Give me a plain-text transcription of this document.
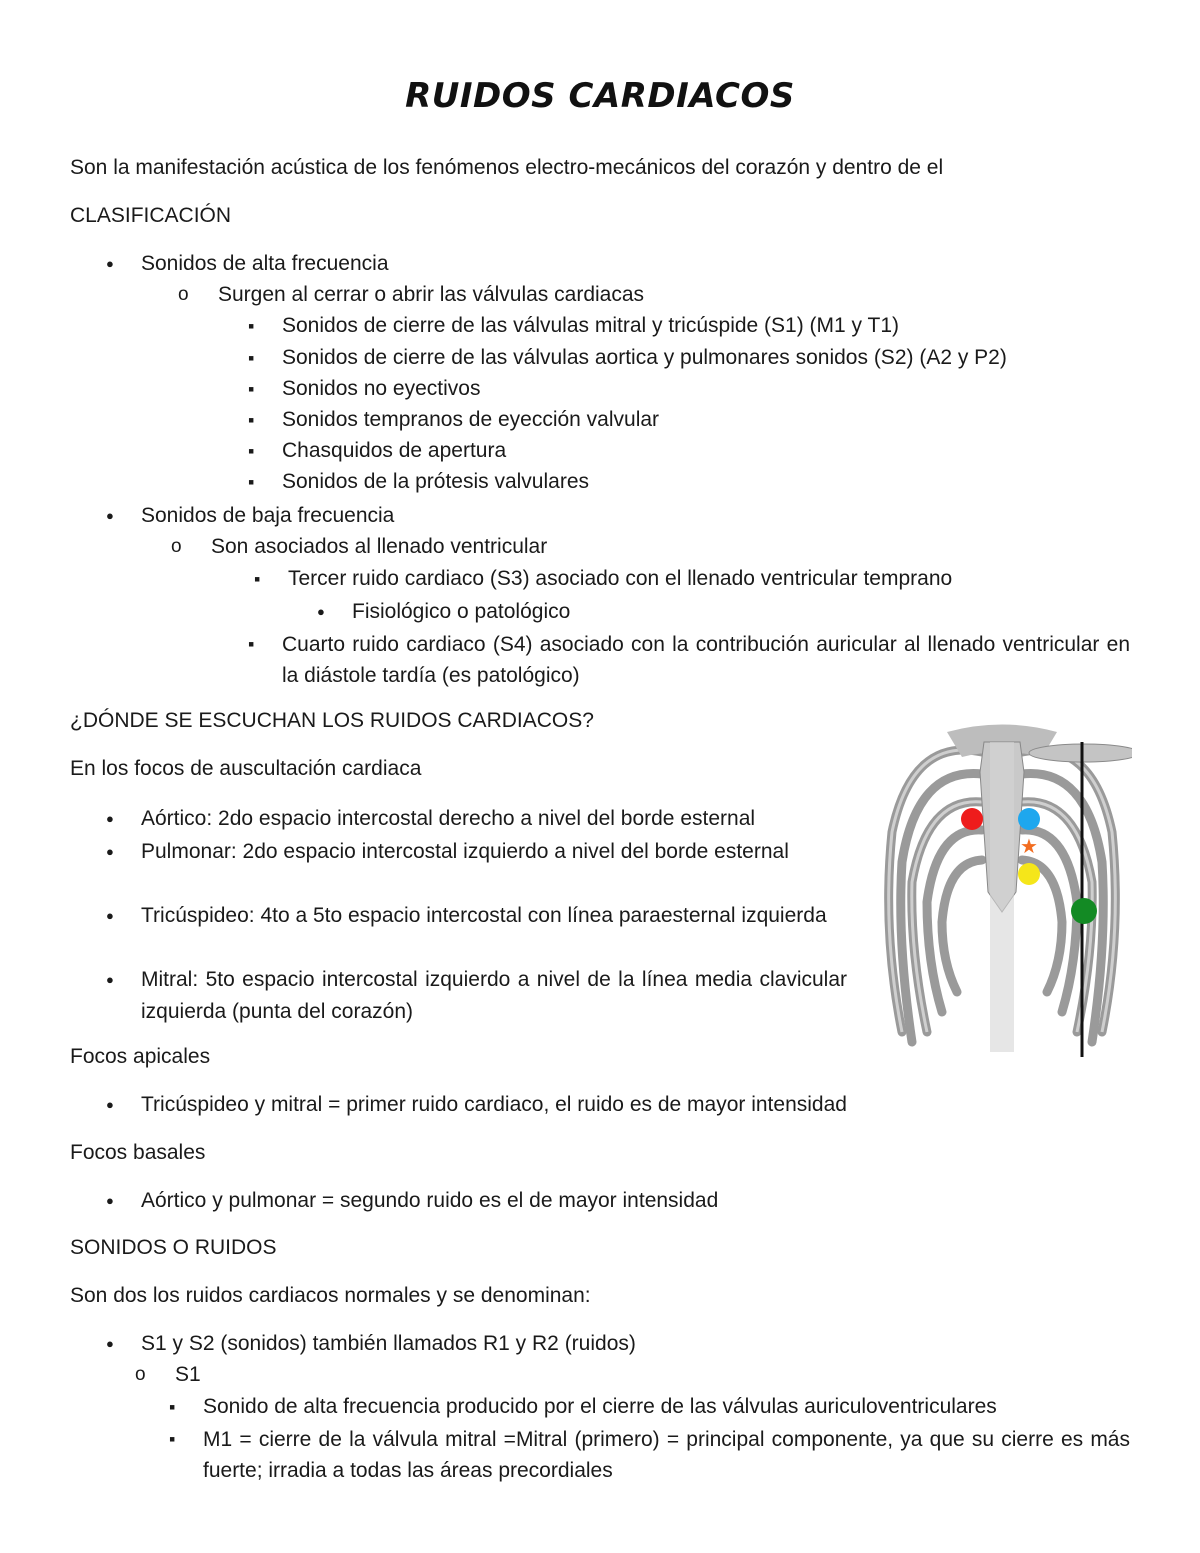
RUIDOS CARDIACOS
Son la manifestación acústica de los fenómenos electro-mecánicos del corazón y dentro de el
CLASIFICACIÓN
● Sonidos de alta frecuencia
o Surgen al cerrar o abrir las válvulas cardiacas
▪ Sonidos de cierre de las válvulas mitral y tricúspide (S1) (M1 y T1)
▪ Sonidos de cierre de las válvulas aortica y pulmonares sonidos (S2) (A2 y P2)
▪ Sonidos no eyectivos
▪ Sonidos tempranos de eyección valvular
▪ Chasquidos de apertura
▪ Sonidos de la prótesis valvulares
● Sonidos de baja frecuencia
o Son asociados al llenado ventricular
▪ Tercer ruido cardiaco (S3) asociado con el llenado ventricular temprano
● Fisiológico o patológico
▪ Cuarto ruido cardiaco (S4) asociado con la contribución auricular al llenado ventricular en la diástole tardía (es patológico)
¿DÓNDE SE ESCUCHAN LOS RUIDOS CARDIACOS?
En los focos de auscultación cardiaca
● Aórtico: 2do espacio intercostal derecho a nivel del borde esternal
● Pulmonar: 2do espacio intercostal izquierdo a nivel del borde esternal
● Tricúspideo: 4to a 5to espacio intercostal con línea paraesternal izquierda
● Mitral: 5to espacio intercostal izquierdo a nivel de la línea media clavicular izquierda (punta del corazón)
Focos apicales
● Tricúspideo y mitral = primer ruido cardiaco, el ruido es de mayor intensidad
Focos basales
● Aórtico y pulmonar = segundo ruido es el de mayor intensidad
SONIDOS O RUIDOS
Son dos los ruidos cardiacos normales y se denominan:
● S1 y S2 (sonidos) también llamados R1 y R2 (ruidos)
o S1
▪ Sonido de alta frecuencia producido por el cierre de las válvulas auriculoventriculares
▪ M1 = cierre de la válvula mitral =Mitral (primero) = principal componente, ya que su cierre es más fuerte; irradia a todas las áreas precordiales
★
